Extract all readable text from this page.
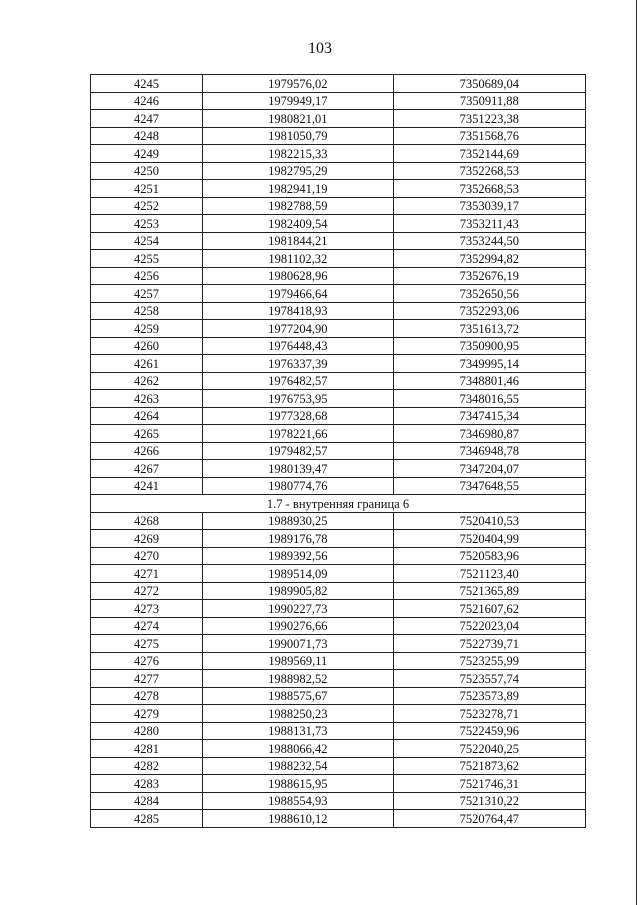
103
4245	1979576,02	7350689,04
4246	1979949,17	7350911,88
4247	1980821,01	7351223,38
4248	1981050,79	7351568,76
4249	1982215,33	7352144,69
4250	1982795,29	7352268,53
4251	1982941,19	7352668,53
4252	1982788,59	7353039,17
4253	1982409,54	7353211,43
4254	1981844,21	7353244,50
4255	1981102,32	7352994,82
4256	1980628,96	7352676,19
4257	1979466,64	7352650,56
4258	1978418,93	7352293,06
4259	1977204,90	7351613,72
4260	1976448,43	7350900,95
4261	1976337,39	7349995,14
4262	1976482,57	7348801,46
4263	1976753,95	7348016,55
4264	1977328,68	7347415,34
4265	1978221,66	7346980,87
4266	1979482,57	7346948,78
4267	1980139,47	7347204,07
4241	1980774,76	7347648,55
1.7 - внутренняя граница 6		
4268	1988930,25	7520410,53
4269	1989176,78	7520404,99
4270	1989392,56	7520583,96
4271	1989514,09	7521123,40
4272	1989905,82	7521365,89
4273	1990227,73	7521607,62
4274	1990276,66	7522023,04
4275	1990071,73	7522739,71
4276	1989569,11	7523255,99
4277	1988982,52	7523557,74
4278	1988575,67	7523573,89
4279	1988250,23	7523278,71
4280	1988131,73	7522459,96
4281	1988066,42	7522040,25
4282	1988232,54	7521873,62
4283	1988615,95	7521746,31
4284	1988554,93	7521310,22
4285	1988610,12	7520764,47
